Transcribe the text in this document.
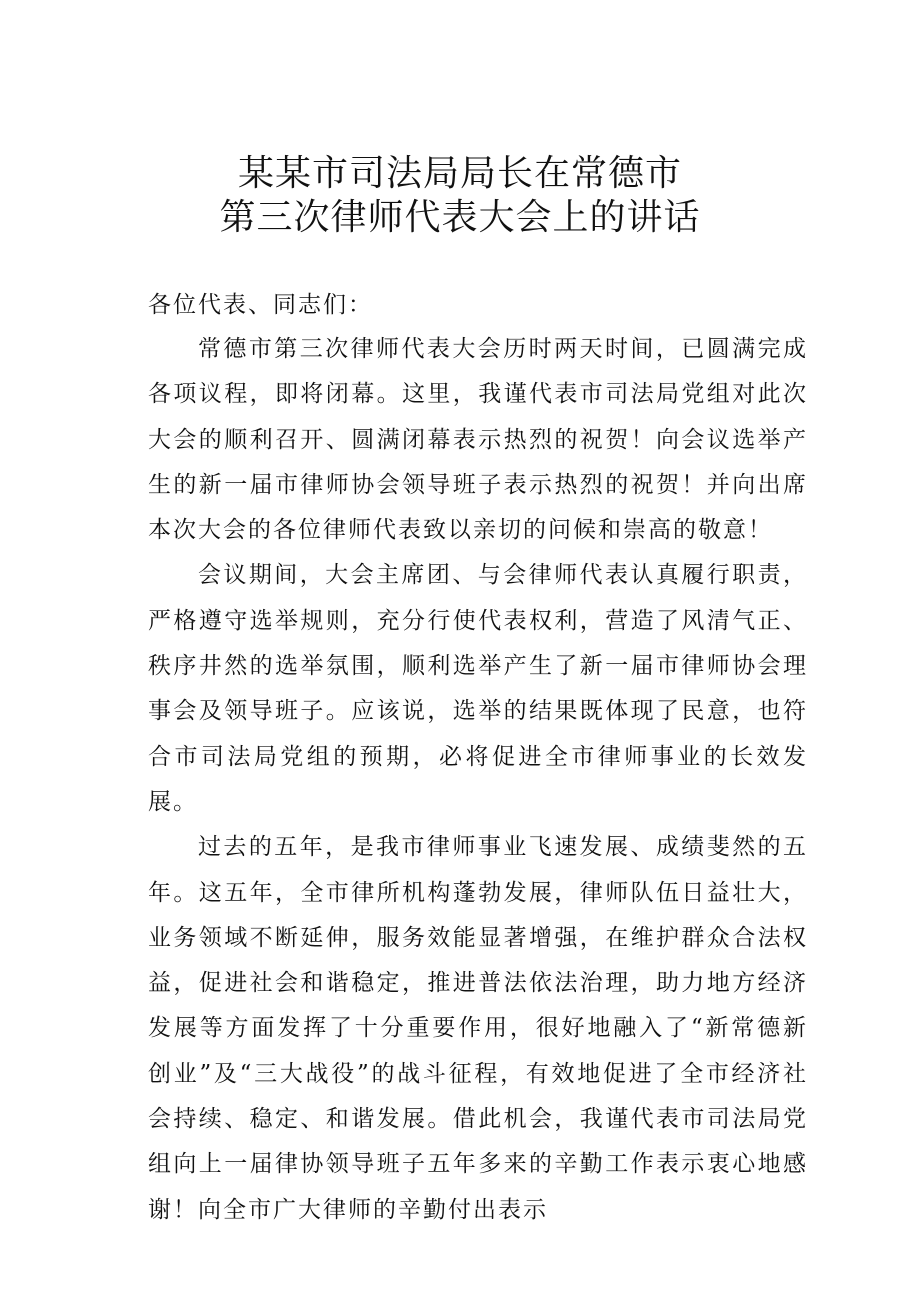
某某市司法局局长在常德市
第三次律师代表大会上的讲话
各位代表、同志们：

常德市第三次律师代表大会历时两天时间，已圆满完成各项议程，即将闭幕。这里，我谨代表市司法局党组对此次大会的顺利召开、圆满闭幕表示热烈的祝贺！向会议选举产生的新一届市律师协会领导班子表示热烈的祝贺！并向出席本次大会的各位律师代表致以亲切的问候和崇高的敬意！

会议期间，大会主席团、与会律师代表认真履行职责，严格遵守选举规则，充分行使代表权利，营造了风清气正、秩序井然的选举氛围，顺利选举产生了新一届市律师协会理事会及领导班子。应该说，选举的结果既体现了民意，也符合市司法局党组的预期，必将促进全市律师事业的长效发展。

过去的五年，是我市律师事业飞速发展、成绩斐然的五年。这五年，全市律所机构蓬勃发展，律师队伍日益壮大，业务领域不断延伸，服务效能显著增强，在维护群众合法权益，促进社会和谐稳定，推进普法依法治理，助力地方经济发展等方面发挥了十分重要作用，很好地融入了“新常德新创业”及“三大战役”的战斗征程，有效地促进了全市经济社会持续、稳定、和谐发展。借此机会，我谨代表市司法局党组向上一届律协领导班子五年多来的辛勤工作表示衷心地感谢！向全市广大律师的辛勤付出表示
